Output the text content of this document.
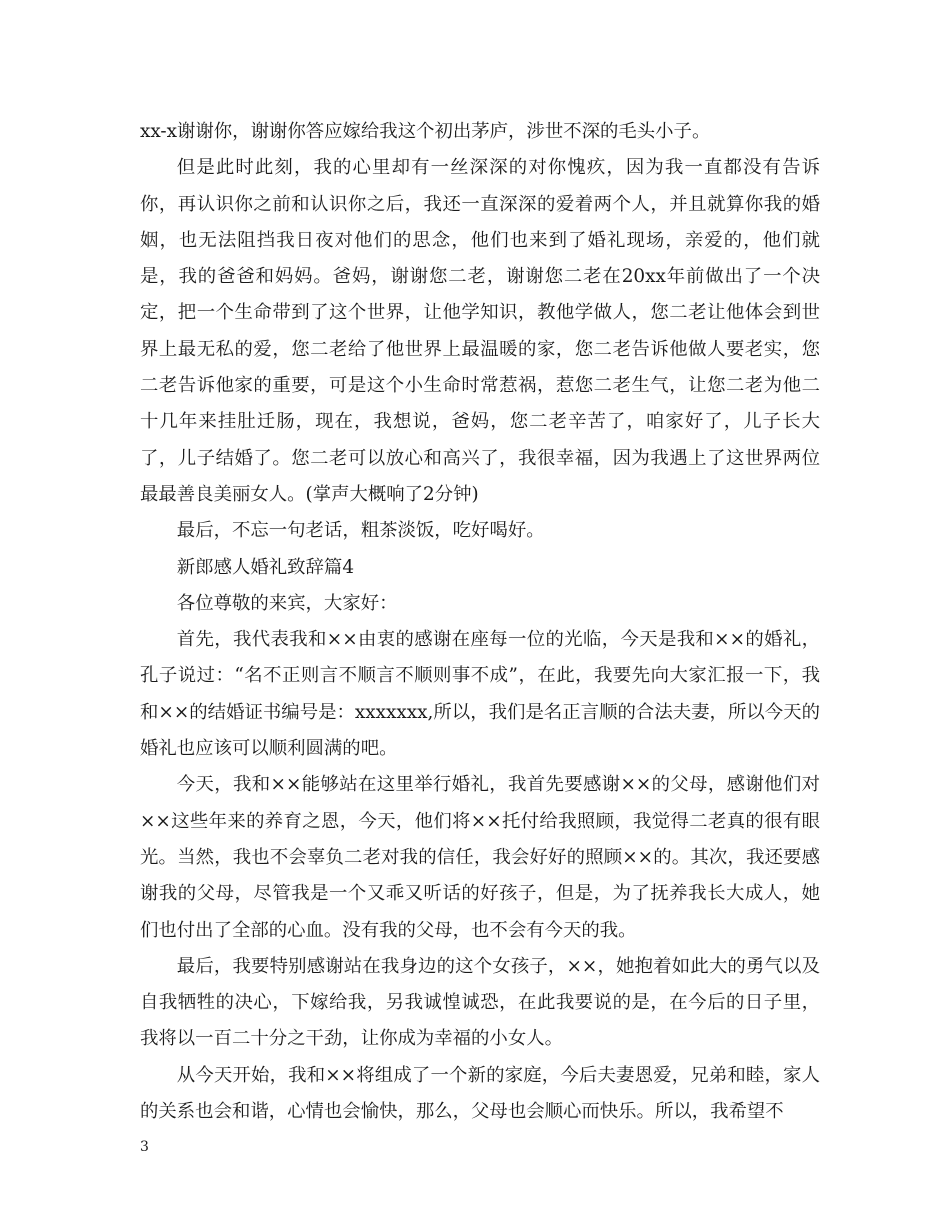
xx-x谢谢你，谢谢你答应嫁给我这个初出茅庐，涉世不深的毛头小子。

但是此时此刻，我的心里却有一丝深深的对你愧疚，因为我一直都没有告诉你，再认识你之前和认识你之后，我还一直深深的爱着两个人，并且就算你我的婚姻，也无法阻挡我日夜对他们的思念，他们也来到了婚礼现场，亲爱的，他们就是，我的爸爸和妈妈。爸妈，谢谢您二老，谢谢您二老在20xx年前做出了一个决定，把一个生命带到了这个世界，让他学知识，教他学做人，您二老让他体会到世界上最无私的爱，您二老给了他世界上最温暖的家，您二老告诉他做人要老实，您二老告诉他家的重要，可是这个小生命时常惹祸，惹您二老生气，让您二老为他二十几年来挂肚迁肠，现在，我想说，爸妈，您二老辛苦了，咱家好了，儿子长大了，儿子结婚了。您二老可以放心和高兴了，我很幸福，因为我遇上了这世界两位最最善良美丽女人。(掌声大概响了2分钟)

最后，不忘一句老话，粗茶淡饭，吃好喝好。

新郎感人婚礼致辞篇4

各位尊敬的来宾，大家好：

首先，我代表我和××由衷的感谢在座每一位的光临，今天是我和××的婚礼，孔子说过：“名不正则言不顺言不顺则事不成”，在此，我要先向大家汇报一下，我和××的结婚证书编号是：xxxxxxx,所以，我们是名正言顺的合法夫妻，所以今天的婚礼也应该可以顺利圆满的吧。

今天，我和××能够站在这里举行婚礼，我首先要感谢××的父母，感谢他们对××这些年来的养育之恩，今天，他们将××托付给我照顾，我觉得二老真的很有眼光。当然，我也不会辜负二老对我的信任，我会好好的照顾××的。其次，我还要感谢我的父母，尽管我是一个又乖又听话的好孩子，但是，为了抚养我长大成人，她们也付出了全部的心血。没有我的父母，也不会有今天的我。

最后，我要特别感谢站在我身边的这个女孩子，××，她抱着如此大的勇气以及自我牺牲的决心，下嫁给我，另我诚惶诚恐，在此我要说的是，在今后的日子里，我将以一百二十分之干劲，让你成为幸福的小女人。

从今天开始，我和××将组成了一个新的家庭，今后夫妻恩爱，兄弟和睦，家人的关系也会和谐，心情也会愉快，那么，父母也会顺心而快乐。所以，我希望不

3
